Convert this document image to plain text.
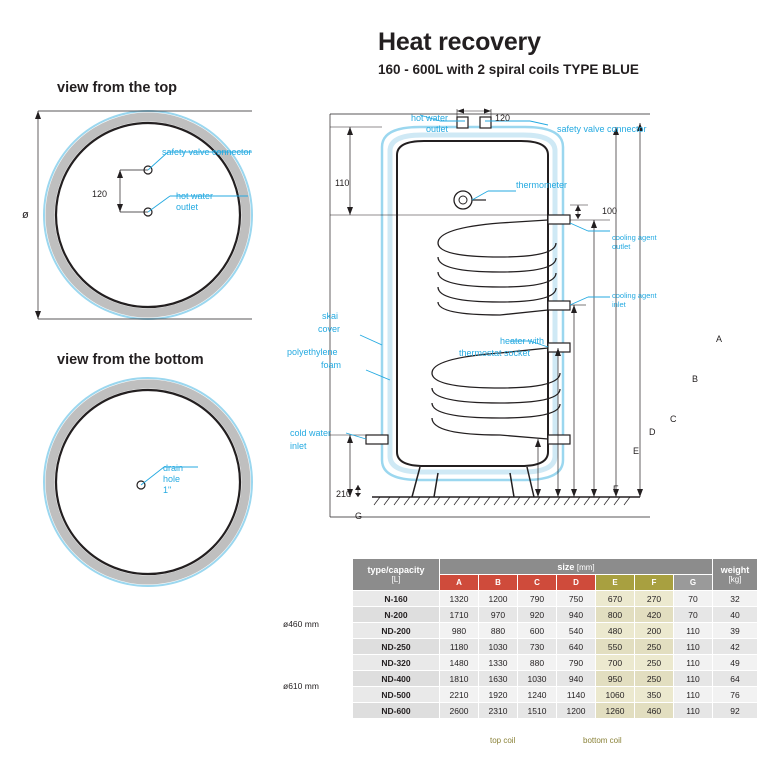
Heat recovery
160 - 600L with 2 spiral coils TYPE BLUE
view from the top
view from the bottom
safety valve connector
hot water
outlet
120
ø
drain
hole
1"
hot water
outlet	safety valve connector
120
110
100
210
G
thermometer
cooling agent
outlet
cooling agent
inlet
heater with
thermostat socket
skai
cover
polyethylene
foam
cold water
inlet
A
B
C
D
E
F
type/capacity
[L]
	size [mm]	weight
[kg]

	A	B	C	D	E	F	G	
N-160	1320	1200	790	750	670	270	70	32
N-200	1710	970	920	940	800	420	70	40
ND-200	980	880	600	540	480	200	110	39
ND-250	1180	1030	730	640	550	250	110	42
ND-320	1480	1330	880	790	700	250	110	49
ND-400	1810	1630	1030	940	950	250	110	64
ND-500	2210	1920	1240	1140	1060	350	110	76
ND-600	2600	2310	1510	1200	1260	460	110	92
ø460 mm
ø610 mm
top coil	bottom coil
